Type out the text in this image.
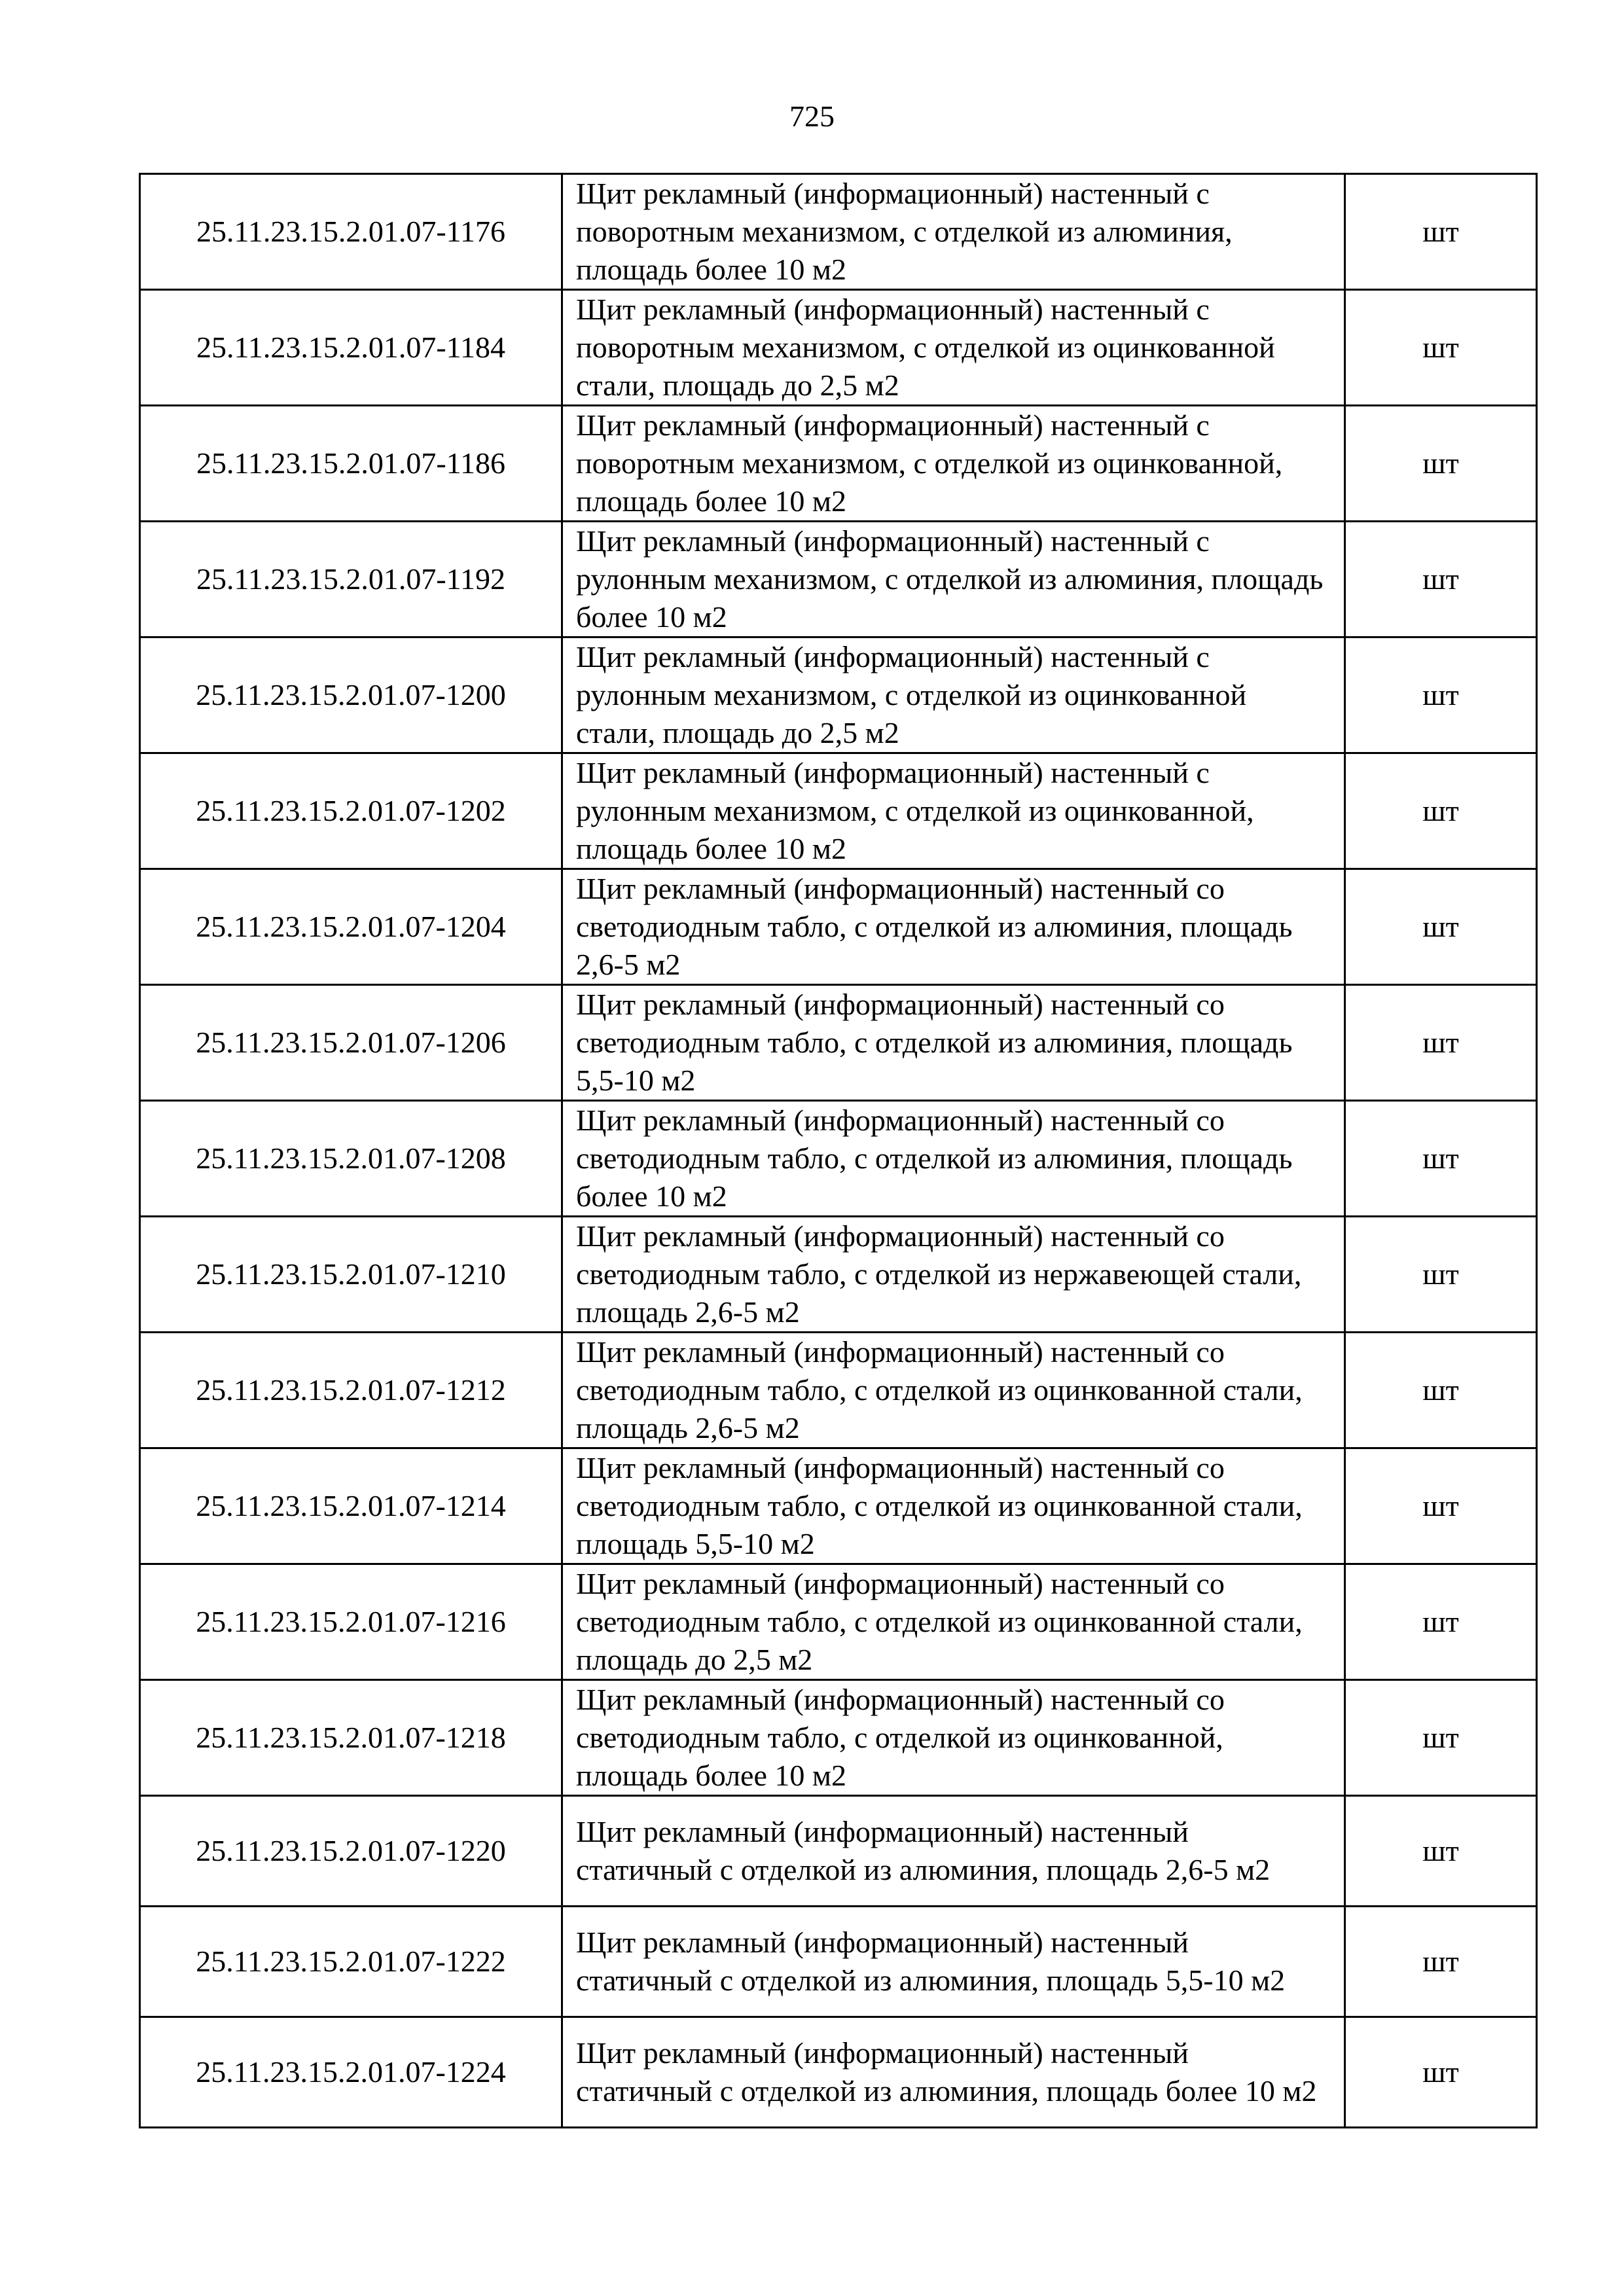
725
25.11.23.15.2.01.07-1176	Щит рекламный (информационный) настенный с поворотным механизмом, с отделкой из алюминия, площадь более 10 м2	шт
25.11.23.15.2.01.07-1184	Щит рекламный (информационный) настенный с поворотным механизмом, с отделкой из оцинкованной стали, площадь до 2,5 м2	шт
25.11.23.15.2.01.07-1186	Щит рекламный (информационный) настенный с поворотным механизмом, с отделкой из оцинкованной, площадь более 10 м2	шт
25.11.23.15.2.01.07-1192	Щит рекламный (информационный) настенный с рулонным механизмом, с отделкой из алюминия, площадь более 10 м2	шт
25.11.23.15.2.01.07-1200	Щит рекламный (информационный) настенный с рулонным механизмом, с отделкой из оцинкованной стали, площадь до 2,5 м2	шт
25.11.23.15.2.01.07-1202	Щит рекламный (информационный) настенный с рулонным механизмом, с отделкой из оцинкованной, площадь более 10 м2	шт
25.11.23.15.2.01.07-1204	Щит рекламный (информационный) настенный со светодиодным табло, с отделкой из алюминия, площадь 2,6-5 м2	шт
25.11.23.15.2.01.07-1206	Щит рекламный (информационный) настенный со светодиодным табло, с отделкой из алюминия, площадь 5,5-10 м2	шт
25.11.23.15.2.01.07-1208	Щит рекламный (информационный) настенный со светодиодным табло, с отделкой из алюминия, площадь более 10 м2	шт
25.11.23.15.2.01.07-1210	Щит рекламный (информационный) настенный со светодиодным табло, с отделкой из нержавеющей стали, площадь 2,6-5 м2	шт
25.11.23.15.2.01.07-1212	Щит рекламный (информационный) настенный со светодиодным табло, с отделкой из оцинкованной стали, площадь 2,6-5 м2	шт
25.11.23.15.2.01.07-1214	Щит рекламный (информационный) настенный со светодиодным табло, с отделкой из оцинкованной стали, площадь 5,5-10 м2	шт
25.11.23.15.2.01.07-1216	Щит рекламный (информационный) настенный со светодиодным табло, с отделкой из оцинкованной стали, площадь до 2,5 м2	шт
25.11.23.15.2.01.07-1218	Щит рекламный (информационный) настенный со светодиодным табло, с отделкой из оцинкованной, площадь более 10 м2	шт
25.11.23.15.2.01.07-1220	Щит рекламный (информационный) настенный статичный с отделкой из алюминия, площадь 2,6-5 м2	шт
25.11.23.15.2.01.07-1222	Щит рекламный (информационный) настенный статичный с отделкой из алюминия, площадь 5,5-10 м2	шт
25.11.23.15.2.01.07-1224	Щит рекламный (информационный) настенный статичный с отделкой из алюминия, площадь более 10 м2	шт
